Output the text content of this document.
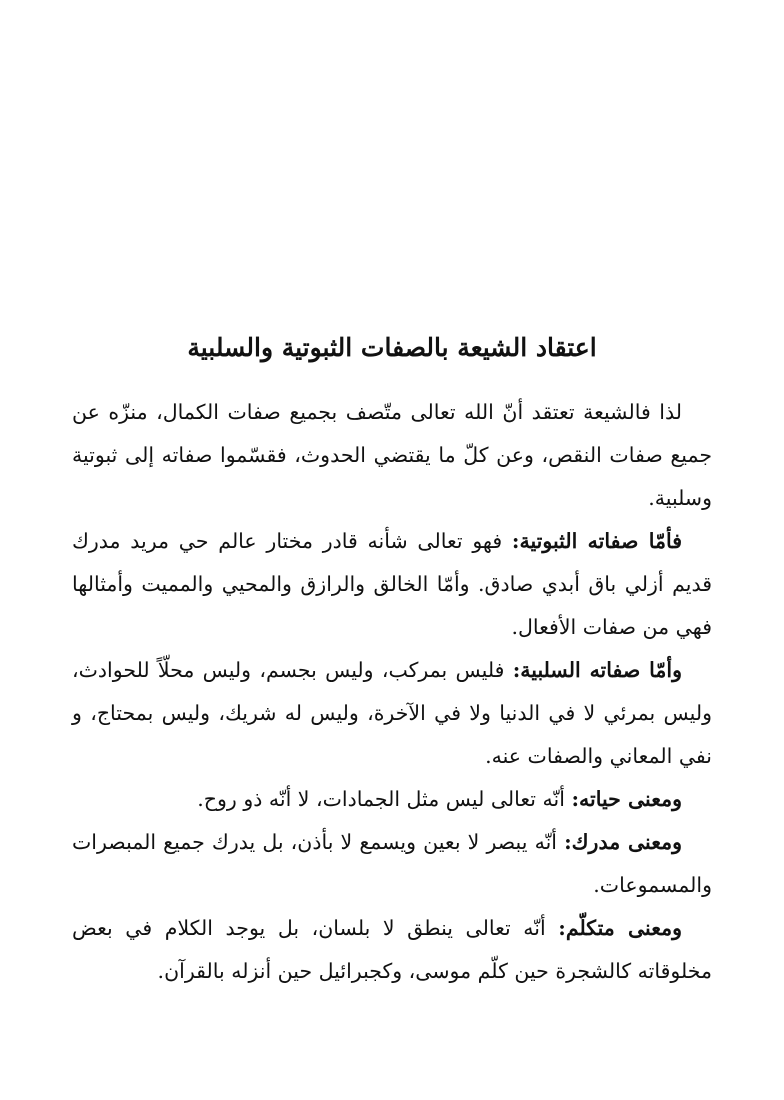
اعتقاد الشيعة بالصفات الثبوتية والسلبية

لذا فالشيعة تعتقد أنّ الله تعالى متّصف بجميع صفات الكمال، منزّه عن جميع صفات النقص، وعن كلّ ما يقتضي الحدوث، فقسّموا صفاته إلى ثبوتية وسلبية.

فأمّا صفاته الثبوتية: فهو تعالى شأنه قادر مختار عالم حي مريد مدرك قديم أزلي باق أبدي صادق. وأمّا الخالق والرازق والمحيي والمميت وأمثالها فهي من صفات الأفعال.

وأمّا صفاته السلبية: فليس بمركب، وليس بجسم، وليس محلّاً للحوادث، وليس بمرئي لا في الدنيا ولا في الآخرة، وليس له شريك، وليس بمحتاج، و نفي المعاني والصفات عنه.

ومعنى حياته: أنّه تعالى ليس مثل الجمادات، لا أنّه ذو روح.

ومعنى مدرك: أنّه يبصر لا بعين ويسمع لا بأذن، بل يدرك جميع المبصرات والمسموعات.

ومعنى متكلّم: أنّه تعالى ينطق لا بلسان، بل يوجد الكلام في بعض مخلوقاته كالشجرة حين كلّم موسى، وكجبرائيل حين أنزله بالقرآن.
